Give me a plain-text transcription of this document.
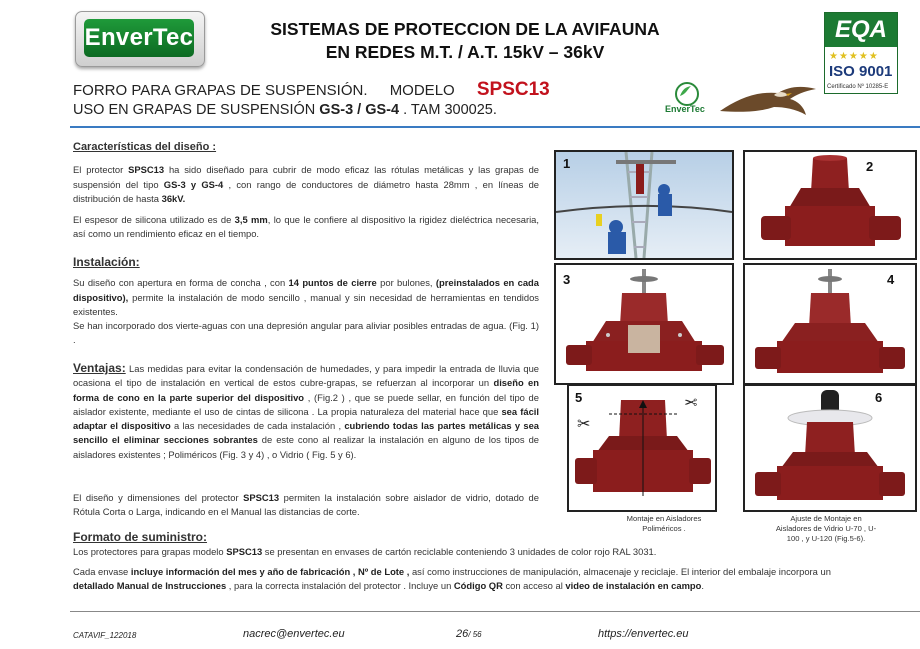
EnverTec	SISTEMAS DE PROTECCION DE LA AVIFAUNA
EN REDES M.T. / A.T. 15kV – 36kV
EQA
★★★★★
ISO 9001
Certificado Nº 10285-E
FORRO PARA GRAPAS DE SUSPENSIÓN. MODELO SPSC13
USO EN GRAPAS DE SUSPENSIÓN GS-3 / GS-4 . TAM 300025.	EnverTec
Características del diseño :
El protector SPSC13 ha sido diseñado para cubrir de modo eficaz las rótulas metálicas y las grapas de suspensión del tipo GS-3 y GS-4 , con rango de conductores de diámetro hasta 28mm , en líneas de distribución de hasta 36kV.
El espesor de silicona utilizado es de 3,5 mm, lo que le confiere al dispositivo la rigidez dieléctrica necesaria, así como un rendimiento eficaz en el tiempo.
Instalación:
Su diseño con apertura en forma de concha , con 14 puntos de cierre por bulones, (preinstalados en cada dispositivo), permite la instalación de modo sencillo , manual y sin necesidad de herramientas en tendidos existentes.
Se han incorporado dos vierte-aguas con una depresión angular para aliviar posibles entradas de agua. (Fig. 1) .
Ventajas: Las medidas para evitar la condensación de humedades, y para impedir la entrada de lluvia que ocasiona el tipo de instalación en vertical de estos cubre-grapas, se refuerzan al incorporar un diseño en forma de cono en la parte superior del dispositivo , (Fig.2 ) , que se puede sellar, en función del tipo de aislador existente, mediante el uso de cintas de silicona . La propia naturaleza del material hace que sea fácil adaptar el dispositivo a las necesidades de cada instalación , cubriendo todas las partes metálicas y sea sencillo el eliminar secciones sobrantes de este cono al realizar la instalación en alguno de los tipos de aisladores existentes ; Poliméricos (Fig. 3 y 4) , o Vidrio ( Fig. 5 y 6).
El diseño y dimensiones del protector SPSC13 permiten la instalación sobre aislador de vidrio, dotado de Rótula Corta o Larga, indicando en el Manual las distancias de corte.
Formato de suministro:
Los protectores para grapas modelo SPSC13 se presentan en envases de cartón reciclable conteniendo 3 unidades de color rojo RAL 3031.
Cada envase incluye información del mes y año de fabricación , Nº de Lote , así como instrucciones de manipulación, almacenaje y reciclaje. El interior del embalaje incorpora un detallado Manual de Instrucciones , para la correcta instalación del protector . Incluye un Código QR con acceso al video de instalación en campo.
1	2
3	4
5
✂
✂	6
Montaje en Aisladores Poliméricos .
Ajuste de Montaje en Aisladores de Vidrio U-70 , U-100 , y U-120 (Fig.5-6).
CATAVIF_122018	nacrec@envertec.eu	26/ 56	https://envertec.eu
